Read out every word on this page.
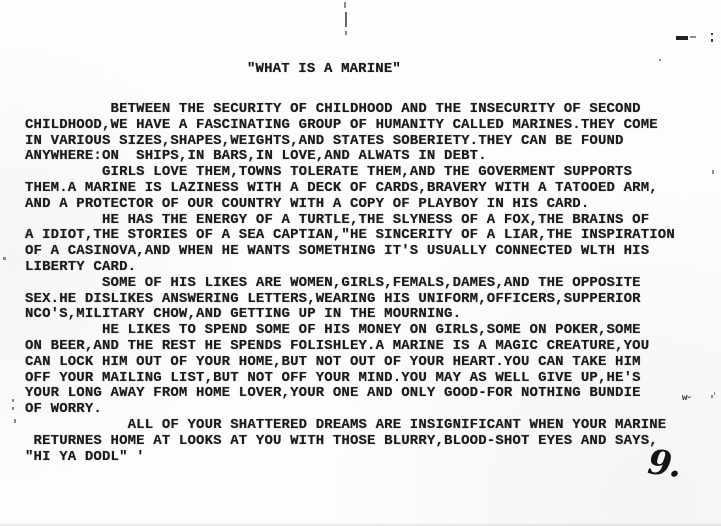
"WHAT IS A MARINE"
BETWEEN THE SECURITY OF CHILDHOOD AND THE INSECURITY OF SECOND
CHILDHOOD,WE HAVE A FASCINATING GROUP OF HUMANITY CALLED MARINES.THEY COME
IN VARIOUS SIZES,SHAPES,WEIGHTS,AND STATES SOBERIETY.THEY CAN BE FOUND
ANYWHERE:ON  SHIPS,IN BARS,IN LOVE,AND ALWATS IN DEBT.
GIRLS LOVE THEM,TOWNS TOLERATE THEM,AND THE GOVERMENT SUPPORTS
THEM.A MARINE IS LAZINESS WITH A DECK OF CARDS,BRAVERY WITH A TATOOED ARM,
AND A PROTECTOR OF OUR COUNTRY WITH A COPY OF PLAYBOY IN HIS CARD.
HE HAS THE ENERGY OF A TURTLE,THE SLYNESS OF A FOX,THE BRAINS OF
A IDIOT,THE STORIES OF A SEA CAPTIAN,"HE SINCERITY OF A LIAR,THE INSPIRATION
OF A CASINOVA,AND WHEN HE WANTS SOMETHING IT'S USUALLY CONNECTED WLTH HIS
LIBERTY CARD.
SOME OF HIS LIKES ARE WOMEN,GIRLS,FEMALS,DAMES,AND THE OPPOSITE
SEX.HE DISLIKES ANSWERING LETTERS,WEARING HIS UNIFORM,OFFICERS,SUPPERIOR
NCO'S,MILITARY CHOW,AND GETTING UP IN THE MOURNING.
HE LIKES TO SPEND SOME OF HIS MONEY ON GIRLS,SOME ON POKER,SOME
ON BEER,AND THE REST HE SPENDS FOLISHLEY.A MARINE IS A MAGIC CREATURE,YOU
CAN LOCK HIM OUT OF YOUR HOME,BUT NOT OUT OF YOUR HEART.YOU CAN TAKE HIM
OFF YOUR MAILING LIST,BUT NOT OFF YOUR MIND.YOU MAY AS WELL GIVE UP,HE'S
YOUR LONG AWAY FROM HOME LOVER,YOUR ONE AND ONLY GOOD-FOR NOTHING BUNDIE
OF WORRY.
ALL OF YOUR SHATTERED DREAMS ARE INSIGNIFICANT WHEN YOUR MARINE
RETURNES HOME AT LOOKS AT YOU WITH THOSE BLURRY,BLOOD-SHOT EYES AND SAYS,
"HI YA DODL" '	9.
ᴡᵕ
